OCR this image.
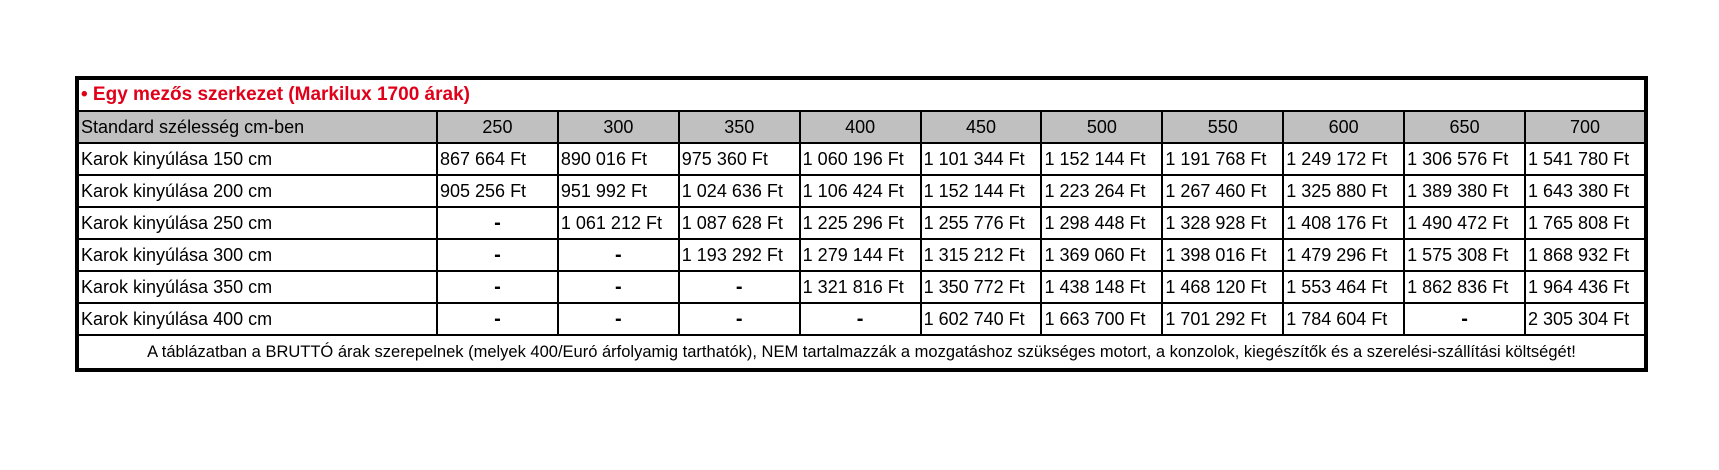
• Egy mezős szerkezet (Markilux 1700 árak)										
Standard szélesség cm-ben	250	300	350	400	450	500	550	600	650	700
Karok kinyúlása 150 cm	867 664 Ft	890 016 Ft	975 360 Ft	1 060 196 Ft	1 101 344 Ft	1 152 144 Ft	1 191 768 Ft	1 249 172 Ft	1 306 576 Ft	1 541 780 Ft
Karok kinyúlása 200 cm	905 256 Ft	951 992 Ft	1 024 636 Ft	1 106 424 Ft	1 152 144 Ft	1 223 264 Ft	1 267 460 Ft	1 325 880 Ft	1 389 380 Ft	1 643 380 Ft
Karok kinyúlása 250 cm	-	1 061 212 Ft	1 087 628 Ft	1 225 296 Ft	1 255 776 Ft	1 298 448 Ft	1 328 928 Ft	1 408 176 Ft	1 490 472 Ft	1 765 808 Ft
Karok kinyúlása 300 cm	-	-	1 193 292 Ft	1 279 144 Ft	1 315 212 Ft	1 369 060 Ft	1 398 016 Ft	1 479 296 Ft	1 575 308 Ft	1 868 932 Ft
Karok kinyúlása 350 cm	-	-	-	1 321 816 Ft	1 350 772 Ft	1 438 148 Ft	1 468 120 Ft	1 553 464 Ft	1 862 836 Ft	1 964 436 Ft
Karok kinyúlása 400 cm	-	-	-	-	1 602 740 Ft	1 663 700 Ft	1 701 292 Ft	1 784 604 Ft	-	2 305 304 Ft
A táblázatban a BRUTTÓ árak szerepelnek (melyek 400/Euró árfolyamig tarthatók), NEM tartalmazzák a mozgatáshoz szükséges motort, a konzolok, kiegészítők és a szerelési-szállítási költségét!										
